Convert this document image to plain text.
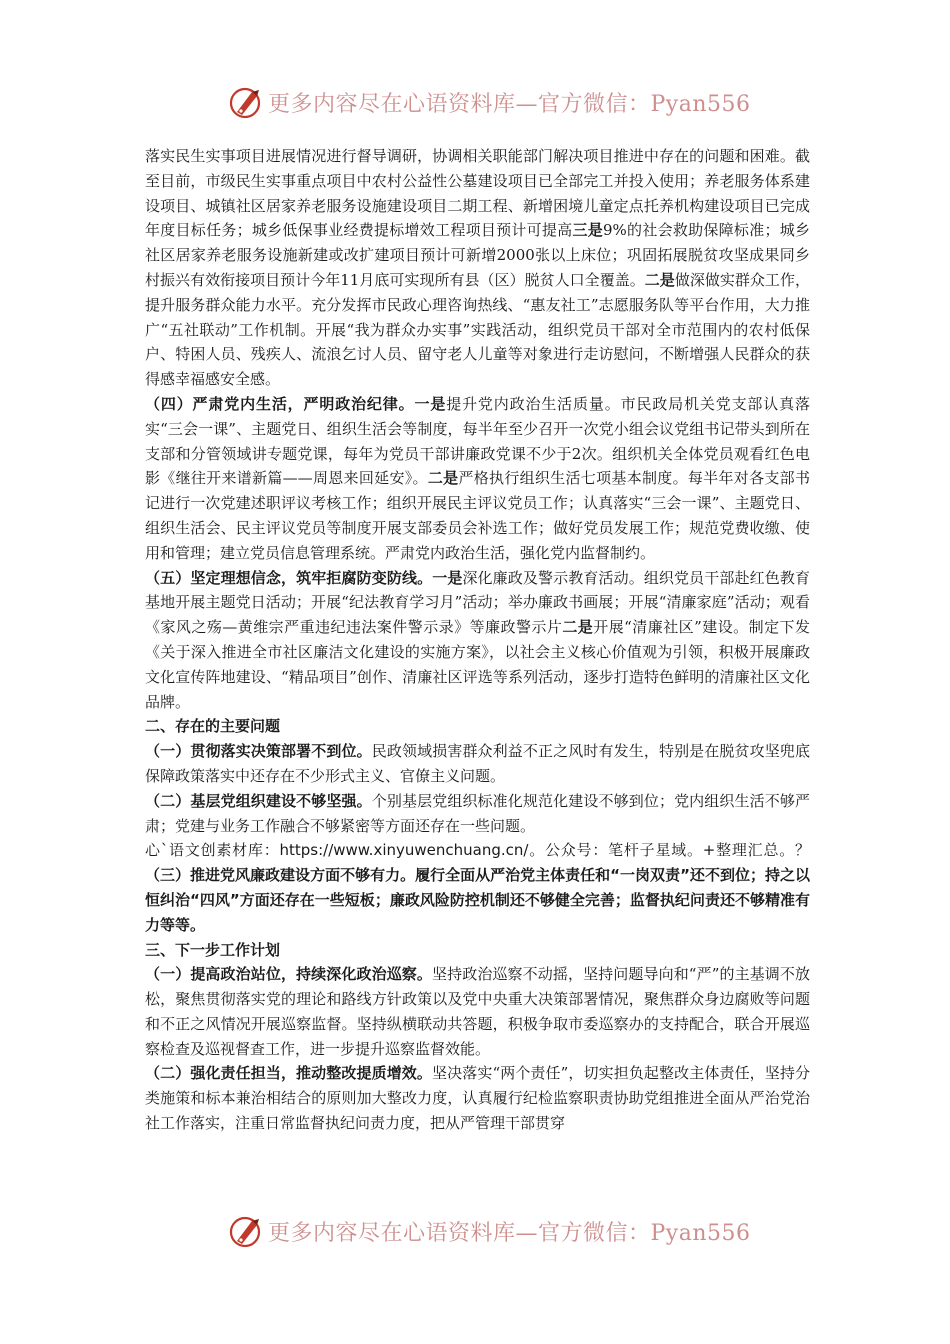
更多内容尽在心语资料库—官方微信：Pyan556

落实民生实事项目进展情况进行督导调研，协调相关职能部门解决项目推进中存在的问题和困难。截至目前，市级民生实事重点项目中农村公益性公墓建设项目已全部完工并投入使用；养老服务体系建设项目、城镇社区居家养老服务设施建设项目二期工程、新增困境儿童定点托养机构建设项目已完成年度目标任务；城乡低保事业经费提标增效工程项目预计可提高三是9%的社会救助保障标准；城乡社区居家养老服务设施新建或改扩建项目预计可新增2000张以上床位；巩固拓展脱贫攻坚成果同乡村振兴有效衔接项目预计今年11月底可实现所有县（区）脱贫人口全覆盖。二是做深做实群众工作，提升服务群众能力水平。充分发挥市民政心理咨询热线、“惠友社工”志愿服务队等平台作用，大力推广“五社联动”工作机制。开展“我为群众办实事”实践活动，组织党员干部对全市范围内的农村低保户、特困人员、残疾人、流浪乞讨人员、留守老人儿童等对象进行走访慰问，不断增强人民群众的获得感幸福感安全感。

（四）严肃党内生活，严明政治纪律。一是提升党内政治生活质量。市民政局机关党支部认真落实“三会一课”、主题党日、组织生活会等制度，每半年至少召开一次党小组会议党组书记带头到所在支部和分管领域讲专题党课，每年为党员干部讲廉政党课不少于2次。组织机关全体党员观看红色电影《继往开来谱新篇——周恩来回延安》。二是严格执行组织生活七项基本制度。每半年对各支部书记进行一次党建述职评议考核工作；组织开展民主评议党员工作；认真落实“三会一课”、主题党日、组织生活会、民主评议党员等制度开展支部委员会补选工作；做好党员发展工作；规范党费收缴、使用和管理；建立党员信息管理系统。严肃党内政治生活，强化党内监督制约。

（五）坚定理想信念，筑牢拒腐防变防线。一是深化廉政及警示教育活动。组织党员干部赴红色教育基地开展主题党日活动；开展“纪法教育学习月”活动；举办廉政书画展；开展“清廉家庭”活动；观看《家风之殇—黄维宗严重违纪违法案件警示录》等廉政警示片二是开展“清廉社区”建设。制定下发《关于深入推进全市社区廉洁文化建设的实施方案》，以社会主义核心价值观为引领，积极开展廉政文化宣传阵地建设、“精品项目”创作、清廉社区评选等系列活动，逐步打造特色鲜明的清廉社区文化品牌。

二、存在的主要问题

（一）贯彻落实决策部署不到位。民政领域损害群众利益不正之风时有发生，特别是在脱贫攻坚兜底保障政策落实中还存在不少形式主义、官僚主义问题。

（二）基层党组织建设不够坚强。个别基层党组织标准化规范化建设不够到位；党内组织生活不够严肃；党建与业务工作融合不够紧密等方面还存在一些问题。

心`语文创素材库：https://www.xinyuwenchuang.cn/。公众号：笔杆子星域。+整理汇总。？（三）推进党风廉政建设方面不够有力。履行全面从严治党主体责任和“一岗双责”还不到位；持之以恒纠治“四风”方面还存在一些短板；廉政风险防控机制还不够健全完善；监督执纪问责还不够精准有力等等。

三、下一步工作计划

（一）提高政治站位，持续深化政治巡察。坚持政治巡察不动摇，坚持问题导向和“严”的主基调不放松，聚焦贯彻落实党的理论和路线方针政策以及党中央重大决策部署情况，聚焦群众身边腐败等问题和不正之风情况开展巡察监督。坚持纵横联动共答题，积极争取市委巡察办的支持配合，联合开展巡察检查及巡视督查工作，进一步提升巡察监督效能。

（二）强化责任担当，推动整改提质增效。坚决落实“两个责任”，切实担负起整改主体责任，坚持分类施策和标本兼治相结合的原则加大整改力度，认真履行纪检监察职责协助党组推进全面从严治党治社工作落实，注重日常监督执纪问责力度，把从严管理干部贯穿

更多内容尽在心语资料库—官方微信：Pyan556
